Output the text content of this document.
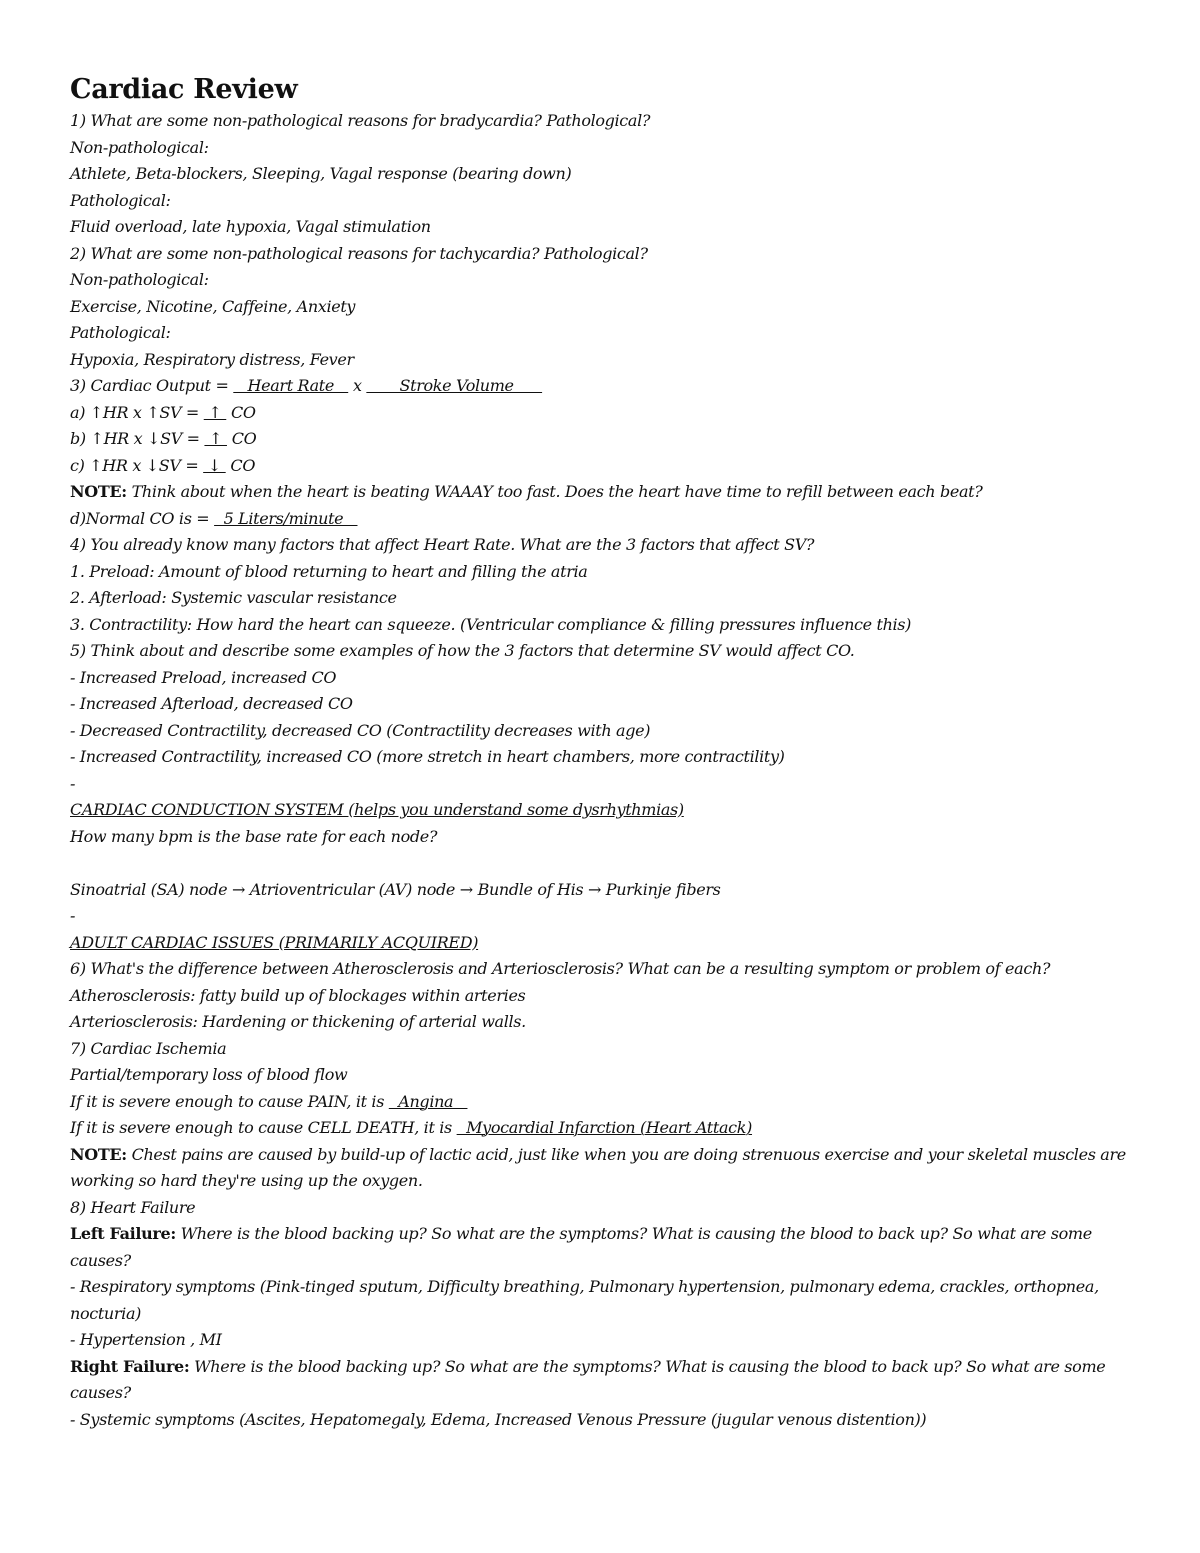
Cardiac Review
1) What are some non-pathological reasons for bradycardia? Pathological?
Non-pathological:
Athlete, Beta-blockers, Sleeping, Vagal response (bearing down)
Pathological:
Fluid overload, late hypoxia, Vagal stimulation
2) What are some non-pathological reasons for tachycardia? Pathological?
Non-pathological:
Exercise, Nicotine, Caffeine, Anxiety
Pathological:
Hypoxia, Respiratory distress, Fever
3) Cardiac Output =    Heart Rate    x        Stroke Volume
a) ↑HR x ↑SV =  ↑  CO
b) ↑HR x ↓SV =  ↑  CO
c) ↑HR x ↓SV =  ↓  CO
NOTE: Think about when the heart is beating WAAAY too fast. Does the heart have time to refill between each beat?
d)Normal CO is =   5 Liters/minute
4) You already know many factors that affect Heart Rate. What are the 3 factors that affect SV?
1. Preload: Amount of blood returning to heart and filling the atria
2. Afterload: Systemic vascular resistance
3. Contractility: How hard the heart can squeeze. (Ventricular compliance & filling pressures influence this)
5) Think about and describe some examples of how the 3 factors that determine SV would affect CO.
- Increased Preload, increased CO
- Increased Afterload, decreased CO
- Decreased Contractility, decreased CO (Contractility decreases with age)
- Increased Contractility, increased CO (more stretch in heart chambers, more contractility)
-
CARDIAC CONDUCTION SYSTEM (helps you understand some dysrhythmias)
How many bpm is the base rate for each node?
Sinoatrial (SA) node → Atrioventricular (AV) node → Bundle of His → Purkinje fibers
-
ADULT CARDIAC ISSUES (PRIMARILY ACQUIRED)
6) What's the difference between Atherosclerosis and Arteriosclerosis? What can be a resulting symptom or problem of each?
Atherosclerosis: fatty build up of blockages within arteries
Arteriosclerosis: Hardening or thickening of arterial walls.
7) Cardiac Ischemia
Partial/temporary loss of blood flow
If it is severe enough to cause PAIN, it is   Angina
If it is severe enough to cause CELL DEATH, it is   Myocardial Infarction (Heart Attack)
NOTE: Chest pains are caused by build-up of lactic acid, just like when you are doing strenuous exercise and your skeletal muscles are working so hard they're using up the oxygen.
8) Heart Failure
Left Failure: Where is the blood backing up? So what are the symptoms? What is causing the blood to back up? So what are some causes?
- Respiratory symptoms (Pink-tinged sputum, Difficulty breathing, Pulmonary hypertension, pulmonary edema, crackles, orthopnea, nocturia)
- Hypertension , MI
Right Failure: Where is the blood backing up? So what are the symptoms? What is causing the blood to back up? So what are some causes?
- Systemic symptoms (Ascites, Hepatomegaly, Edema, Increased Venous Pressure (jugular venous distention))
